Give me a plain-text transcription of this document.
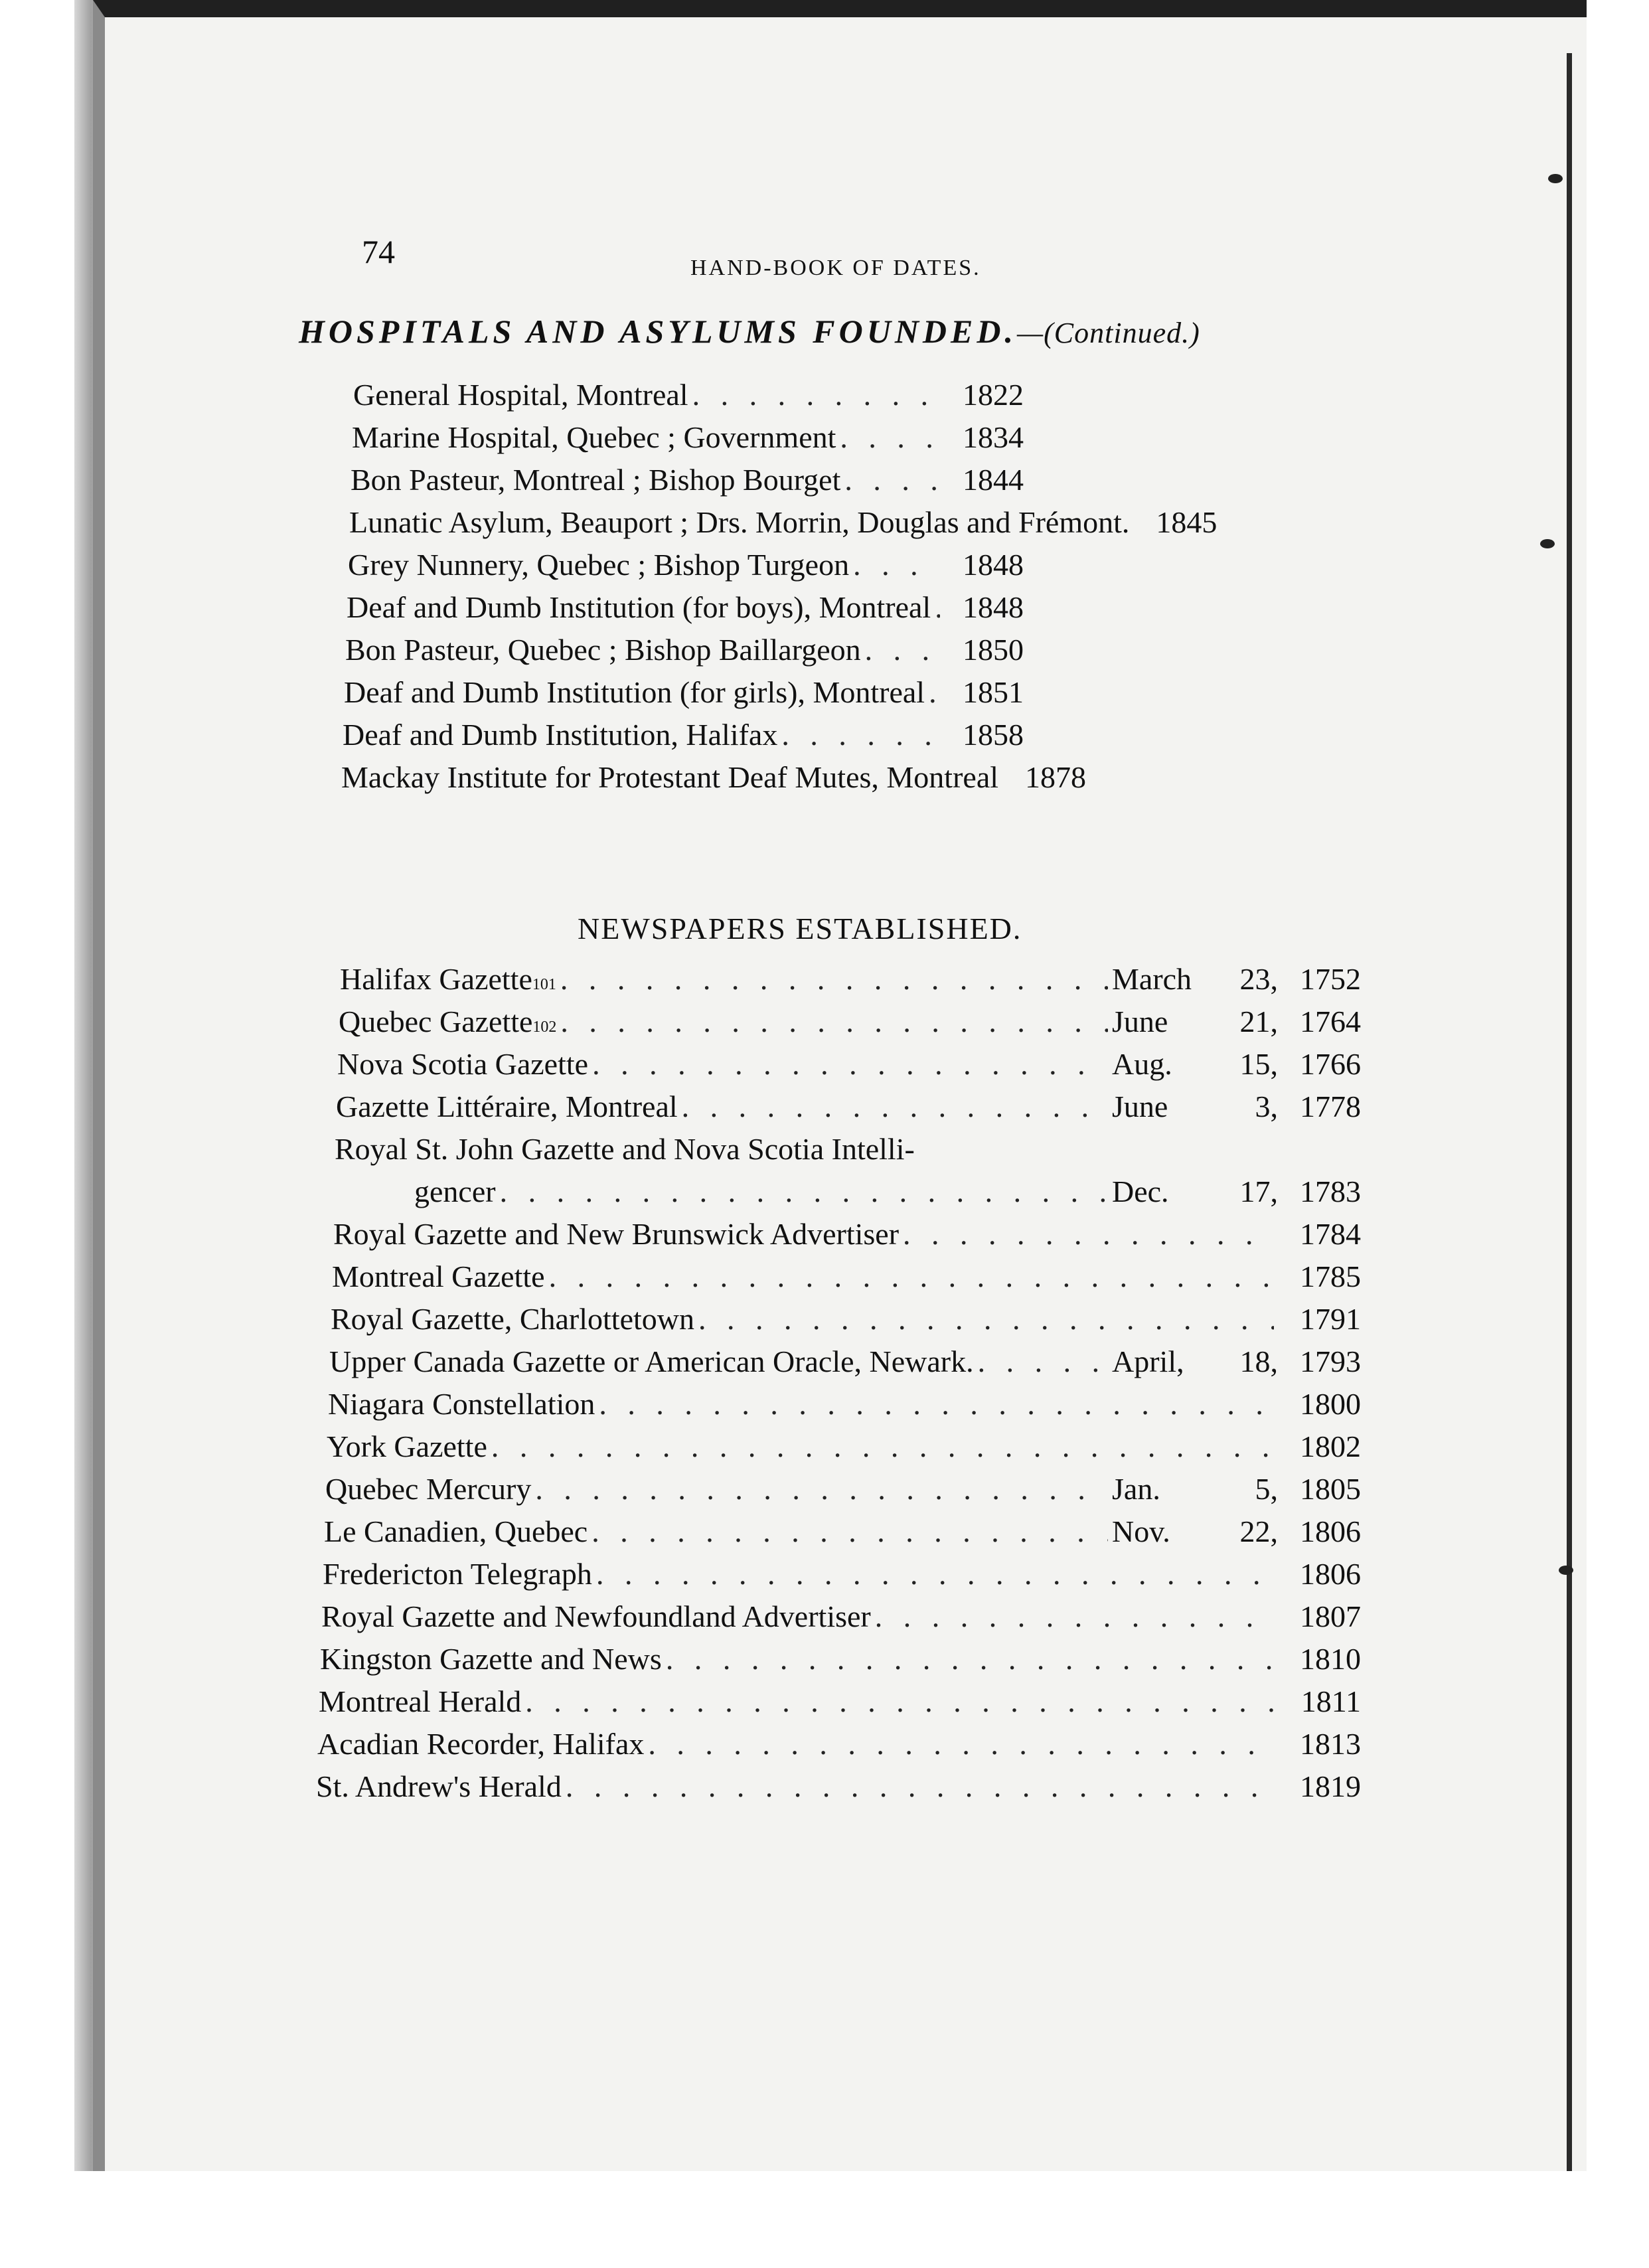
74	HAND-BOOK OF DATES.
HOSPITALS AND ASYLUMS FOUNDED.—(Continued.)
General Hospital, Montreal . . .	1822
Marine Hospital, Quebec ; Government . . .	1834
Bon Pasteur, Montreal ; Bishop Bourget . . .	1844
Lunatic Asylum, Beauport ; Drs. Morrin, Douglas and Frémont. 1845
Grey Nunnery, Quebec ; Bishop Turgeon . . .	1848
Deaf and Dumb Institution (for boys), Montreal . . .	1848
Bon Pasteur, Quebec ; Bishop Baillargeon . . .	1850
Deaf and Dumb Institution (for girls), Montreal . . .	1851
Deaf and Dumb Institution, Halifax . . .	1858
Mackay Institute for Protestant Deaf Mutes, Montreal 1878
NEWSPAPERS ESTABLISHED.
Halifax Gazette 101 . . .	March	23, 1752
Quebec Gazette 102 . . .	June	21, 1764
Nova Scotia Gazette . . .	Aug.	15, 1766
Gazette Littéraire, Montreal . . .	June	3, 1778
Royal St. John Gazette and Nova Scotia Intelli-
gencer . . .	Dec.	17, 1783
Royal Gazette and New Brunswick Advertiser . . .	1784
Montreal Gazette . . .	1785
Royal Gazette, Charlottetown . . .	1791
Upper Canada Gazette or American Oracle, Newark. . . .	April,	18, 1793
Niagara Constellation . . .	1800
York Gazette . . .	1802
Quebec Mercury . . .	Jan.	5, 1805
Le Canadien, Quebec . . .	Nov.	22, 1806
Fredericton Telegraph . . .	1806
Royal Gazette and Newfoundland Advertiser . . .	1807
Kingston Gazette and News . . .	1810
Montreal Herald . . .	1811
Acadian Recorder, Halifax . . .	1813
St. Andrew's Herald . . .	1819
